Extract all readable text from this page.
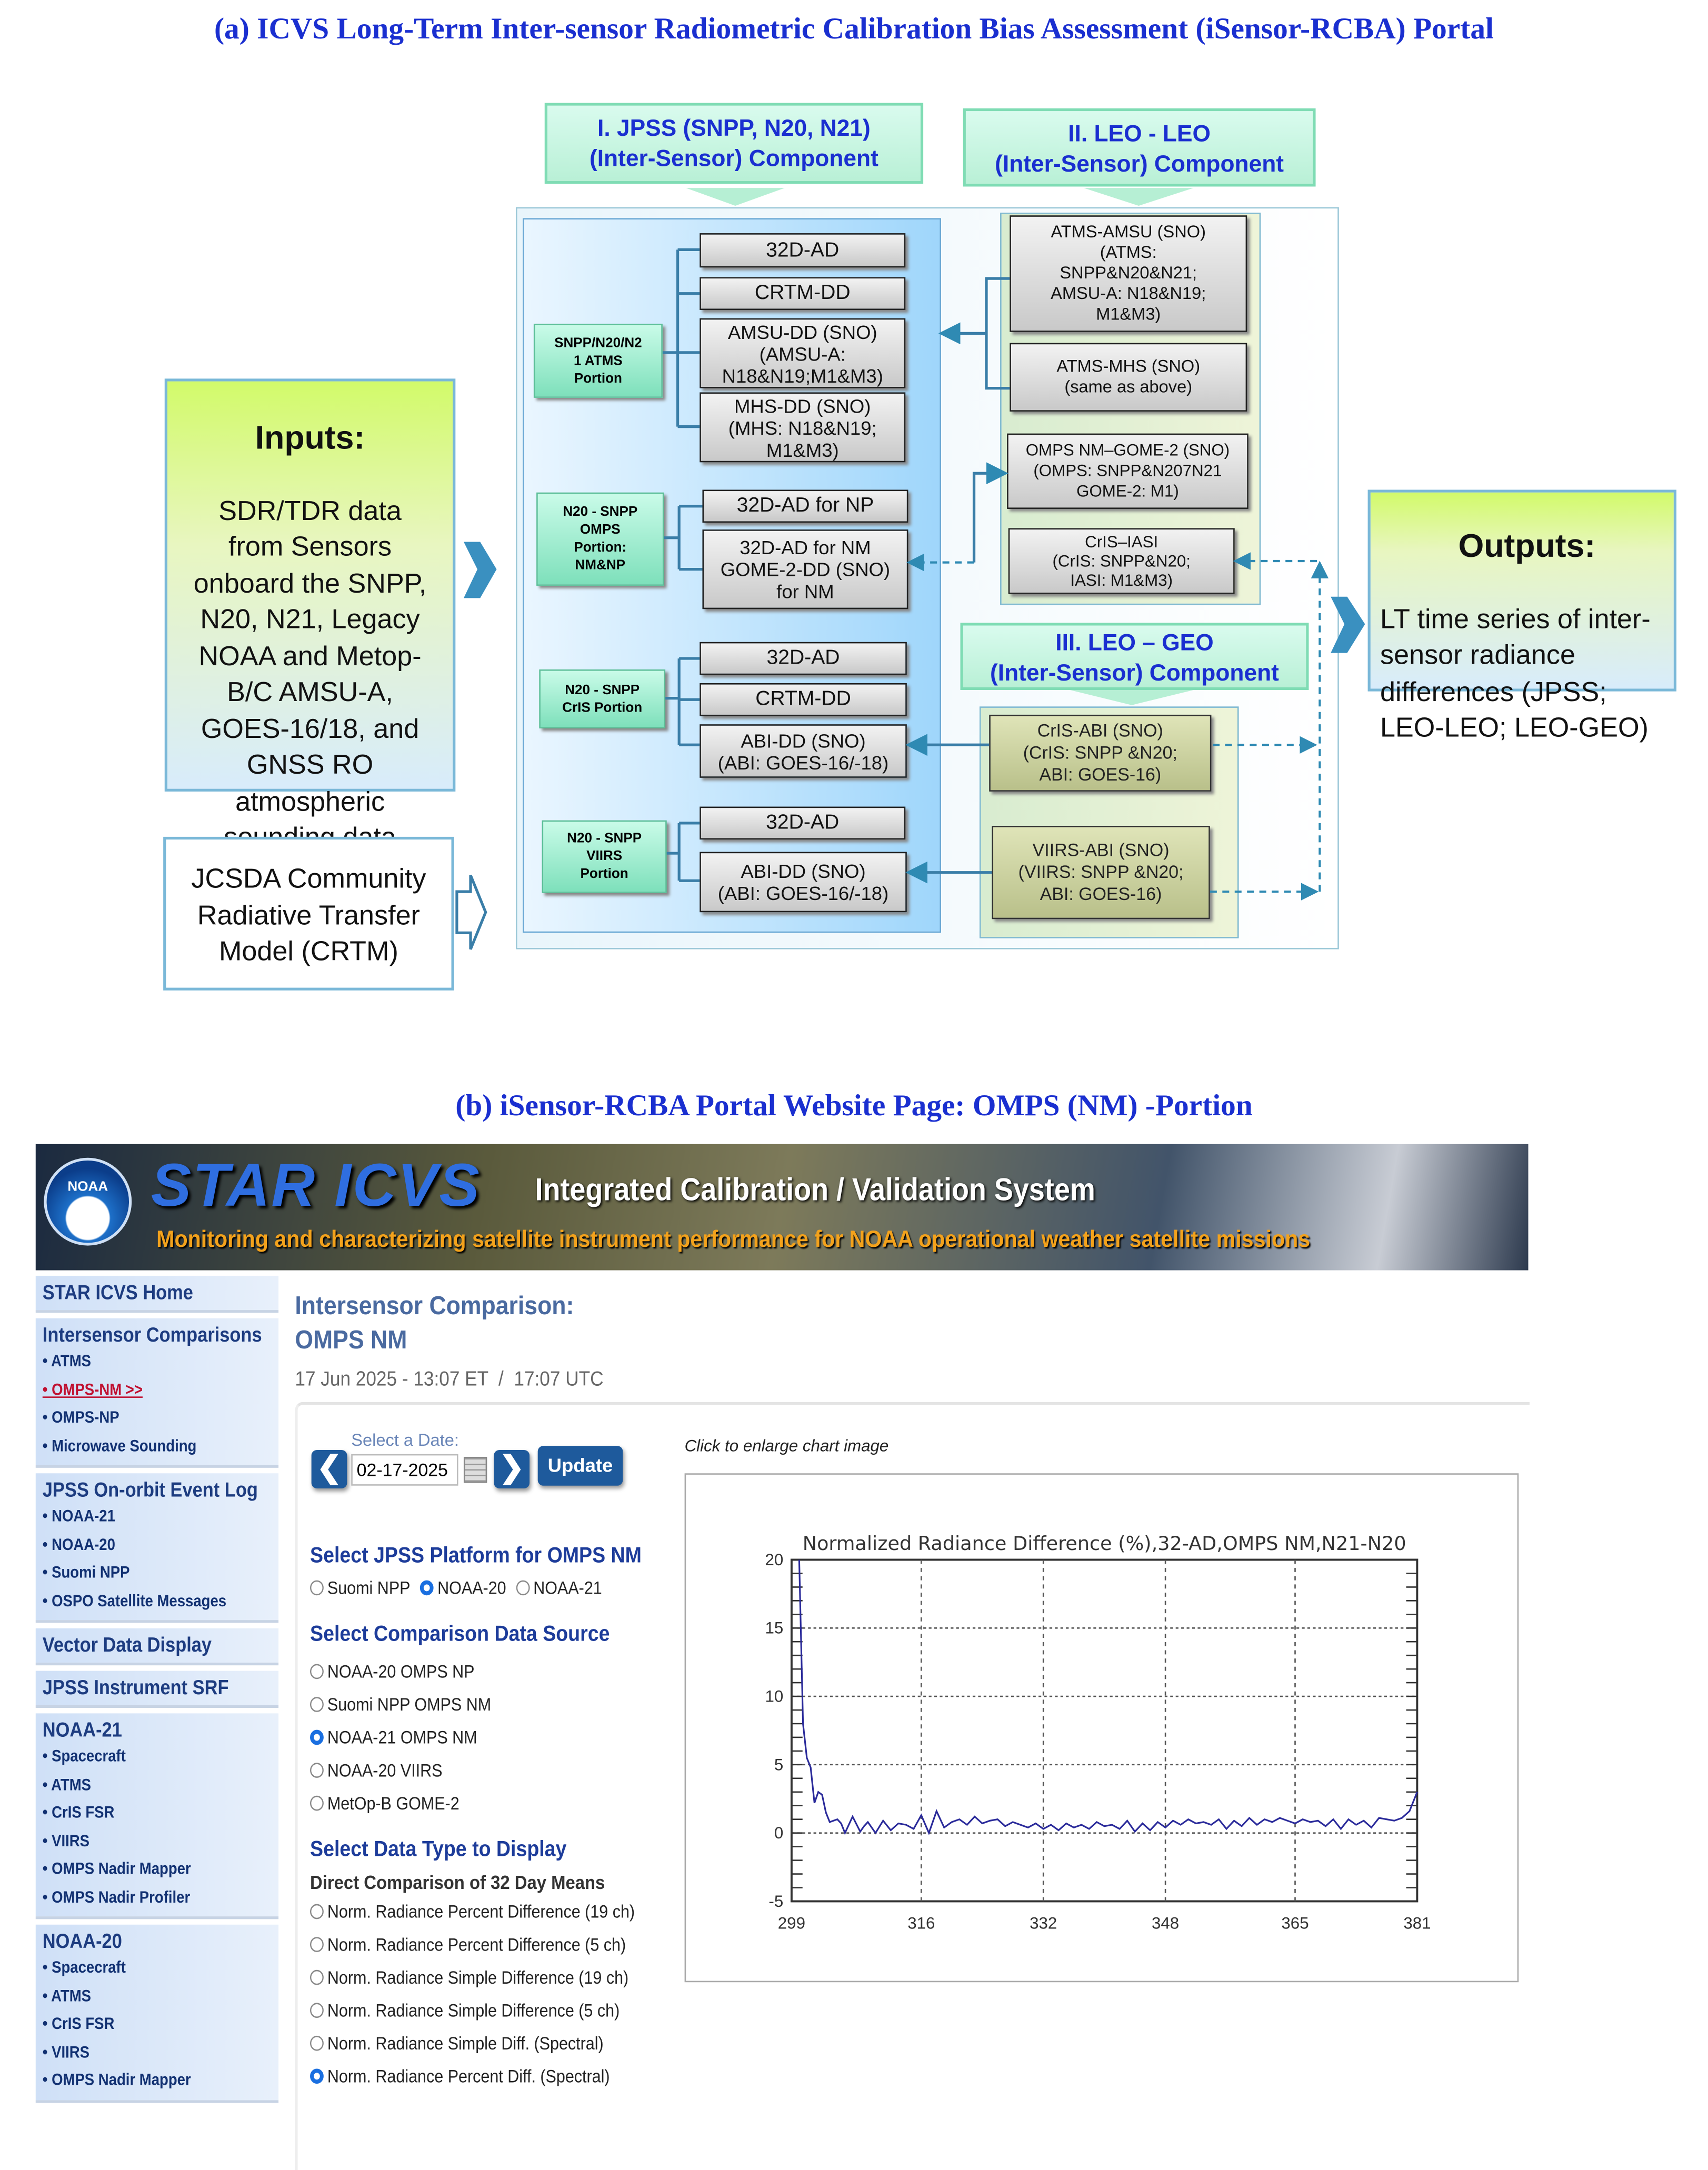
(a) ICVS Long-Term Inter-sensor Radiometric Calibration Bias Assessment (iSensor-RCBA) Portal
I. JPSS (SNPP, N20, N21)
(Inter-Sensor) Component
II. LEO - LEO
(Inter-Sensor) Component
III. LEO – GEO
(Inter-Sensor) Component

Inputs:

SDR/TDR data
from Sensors
onboard the SNPP,
N20, N21, Legacy
NOAA and Metop-
B/C AMSU-A,
GOES-16/18, and
GNSS RO
atmospheric

JCSDA Community
Radiative Transfer
Model (CRTM)

Outputs:

LT time series of inter-
sensor radiance
differences (JPSS;
LEO-LEO; LEO-GEO)

SNPP/N20/N2
1 ATMS
Portion
N20 - SNPP
OMPS
Portion:
NM&NP
N20 - SNPP
CrIS Portion
N20 - SNPP
VIIRS
Portion
32D-AD
CRTM-DD
AMSU-DD (SNO)
(AMSU-A:
N18&N19;M1&M3)
MHS-DD (SNO)
(MHS: N18&N19;
M1&M3)
32D-AD for NP
32D-AD for NM
GOME-2-DD (SNO)
for NM
32D-AD
CRTM-DD
ABI-DD (SNO)
(ABI: GOES-16/-18)
32D-AD
ABI-DD (SNO)
(ABI: GOES-16/-18)
ATMS-AMSU (SNO)
(ATMS:
SNPP&N20&N21;
AMSU-A: N18&N19;
M1&M3)
ATMS-MHS (SNO)
(same as above)
OMPS NM–GOME-2 (SNO)
(OMPS: SNPP&N207N21
GOME-2: M1)
CrIS–IASI
(CrIS: SNPP&N20;
IASI: M1&M3)
CrIS-ABI (SNO)
(CrIS: SNPP &N20;
ABI: GOES-16)
VIIRS-ABI (SNO)
(VIIRS: SNPP &N20;
ABI: GOES-16)
(b) iSensor-RCBA Portal Website Page: OMPS (NM) -Portion
NOAA	STAR ICVS	Integrated Calibration / Validation System
Monitoring and characterizing satellite instrument performance for NOAA operational weather satellite missions
STAR ICVS Home
Intersensor Comparisons
• ATMS
• OMPS-NM >>
• OMPS-NP
• Microwave Sounding
JPSS On-orbit Event Log
• NOAA-21
• NOAA-20
• Suomi NPP
• OSPO Satellite Messages
Vector Data Display
JPSS Instrument SRF
NOAA-21
• Spacecraft
• ATMS
• CrIS FSR
• VIIRS
• OMPS Nadir Mapper
• OMPS Nadir Profiler
NOAA-20
• Spacecraft
• ATMS
• CrIS FSR
• VIIRS
• OMPS Nadir Mapper
Intersensor Comparison:
OMPS NM
17 Jun 2025 - 13:07 ET  /  17:07 UTC
Select a Date:
❮	02-17-2025	❯	Update
Select JPSS Platform for OMPS NM
Suomi NPP	NOAA-20	NOAA-21
Select Comparison Data Source
NOAA-20 OMPS NP
Suomi NPP OMPS NM
NOAA-21 OMPS NM
NOAA-20 VIIRS
MetOp-B GOME-2
Select Data Type to Display
Direct Comparison of 32 Day Means
Norm. Radiance Percent Difference (19 ch)
Norm. Radiance Percent Difference (5 ch)
Norm. Radiance Simple Difference (19 ch)
Norm. Radiance Simple Difference (5 ch)
Norm. Radiance Simple Diff. (Spectral)
Norm. Radiance Percent Diff. (Spectral)
Click to enlarge chart image
Normalized Radiance Difference (%),32-AD,OMPS NM,N21-N20
299	316	332	348	365	381
20
15
10
5
0
-5
